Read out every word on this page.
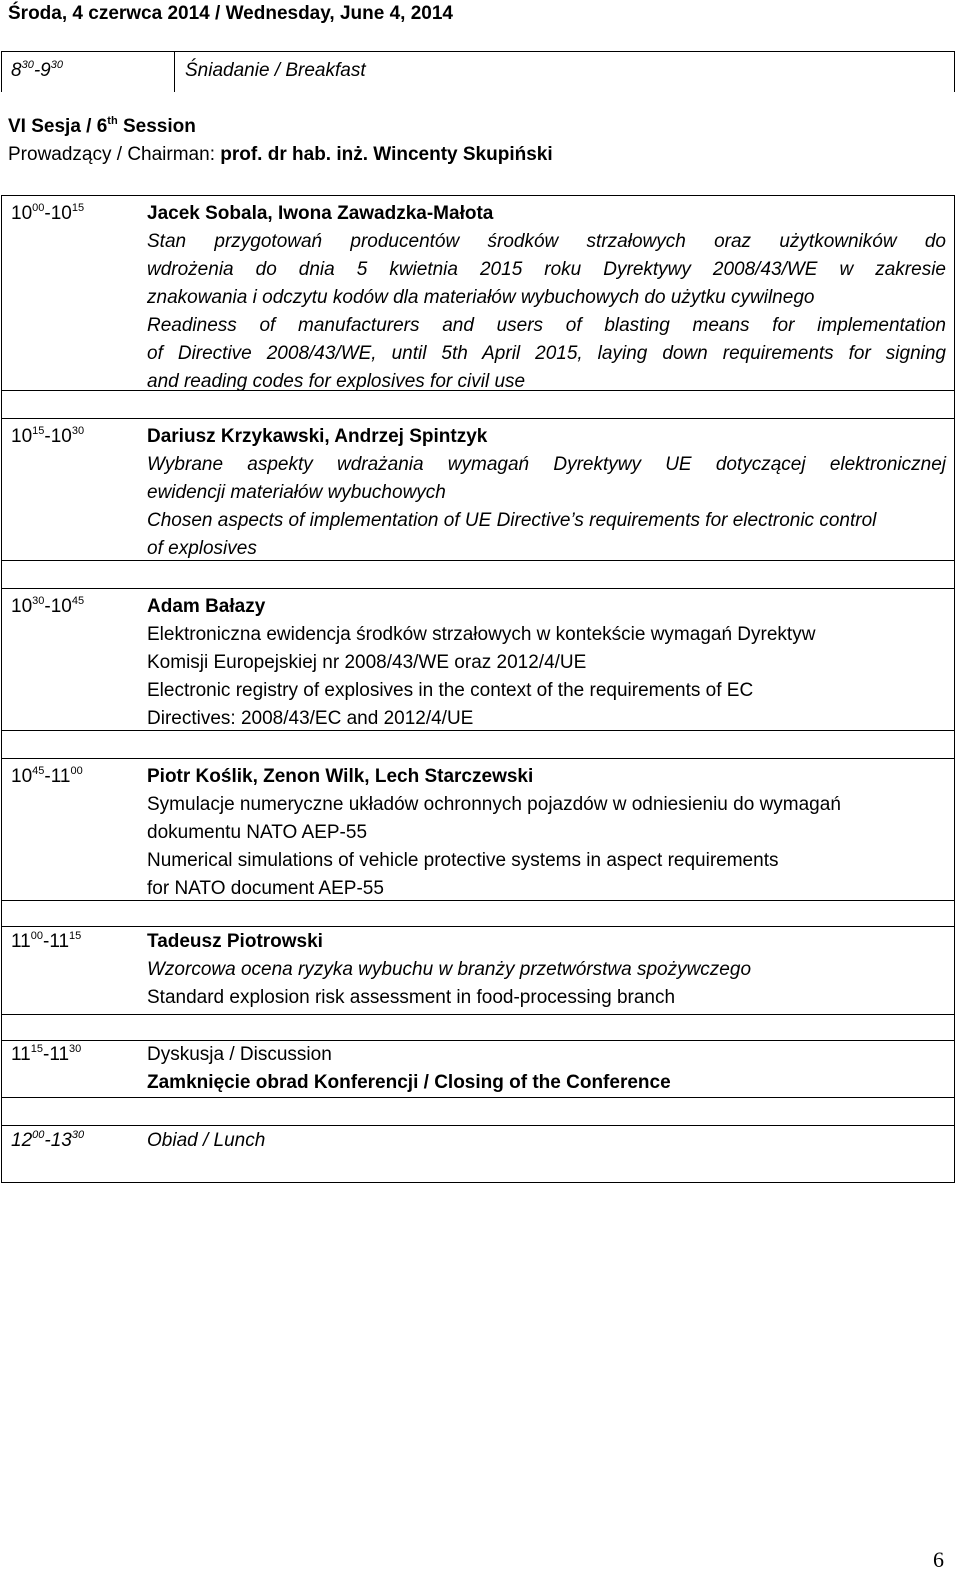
Środa, 4 czerwca 2014 / Wednesday, June 4, 2014
$8^{30}-9^{30}$	Śniadanie / Breakfast
VI Sesja / 6th Session
Prowadzący / Chairman: prof. dr hab. inż. Wincenty Skupiński
$10^{00}-10^{15}$	Jacek Sobala, Iwona Zawadzka-Małota
Stan przygotowań producentów środków strzałowych oraz użytkowników do
wdrożenia do dnia 5 kwietnia 2015 roku Dyrektywy 2008/43/WE w zakresie
znakowania i odczytu kodów dla materiałów wybuchowych do użytku cywilnego
Readiness of manufacturers and users of blasting means for implementation
of Directive 2008/43/WE, until 5th April 2015, laying down requirements for signing
and reading codes for explosives for civil use
$10^{15}-10^{30}$	Dariusz Krzykawski, Andrzej Spintzyk
Wybrane aspekty wdrażania wymagań Dyrektywy UE dotyczącej elektronicznej
ewidencji materiałów wybuchowych
Chosen aspects of implementation of UE Directive’s requirements for electronic control
of explosives
$10^{30}-10^{45}$	Adam Bałazy
Elektroniczna ewidencja środków strzałowych w kontekście wymagań Dyrektyw
Komisji Europejskiej nr 2008/43/WE oraz 2012/4/UE
Electronic registry of explosives in the context of the requirements of EC
Directives: 2008/43/EC and 2012/4/UE
$10^{45}-11^{00}$	Piotr Koślik, Zenon Wilk, Lech Starczewski
Symulacje numeryczne układów ochronnych pojazdów w odniesieniu do wymagań
dokumentu NATO AEP-55
Numerical simulations of vehicle protective systems in aspect requirements
for NATO document AEP-55
$11^{00}-11^{15}$	Tadeusz Piotrowski
Wzorcowa ocena ryzyka wybuchu w branży przetwórstwa spożywczego
Standard explosion risk assessment in food-processing branch
$11^{15}-11^{30}$	Dyskusja / Discussion
Zamknięcie obrad Konferencji / Closing of the Conference
$12^{00}-13^{30}$	Obiad / Lunch
6
